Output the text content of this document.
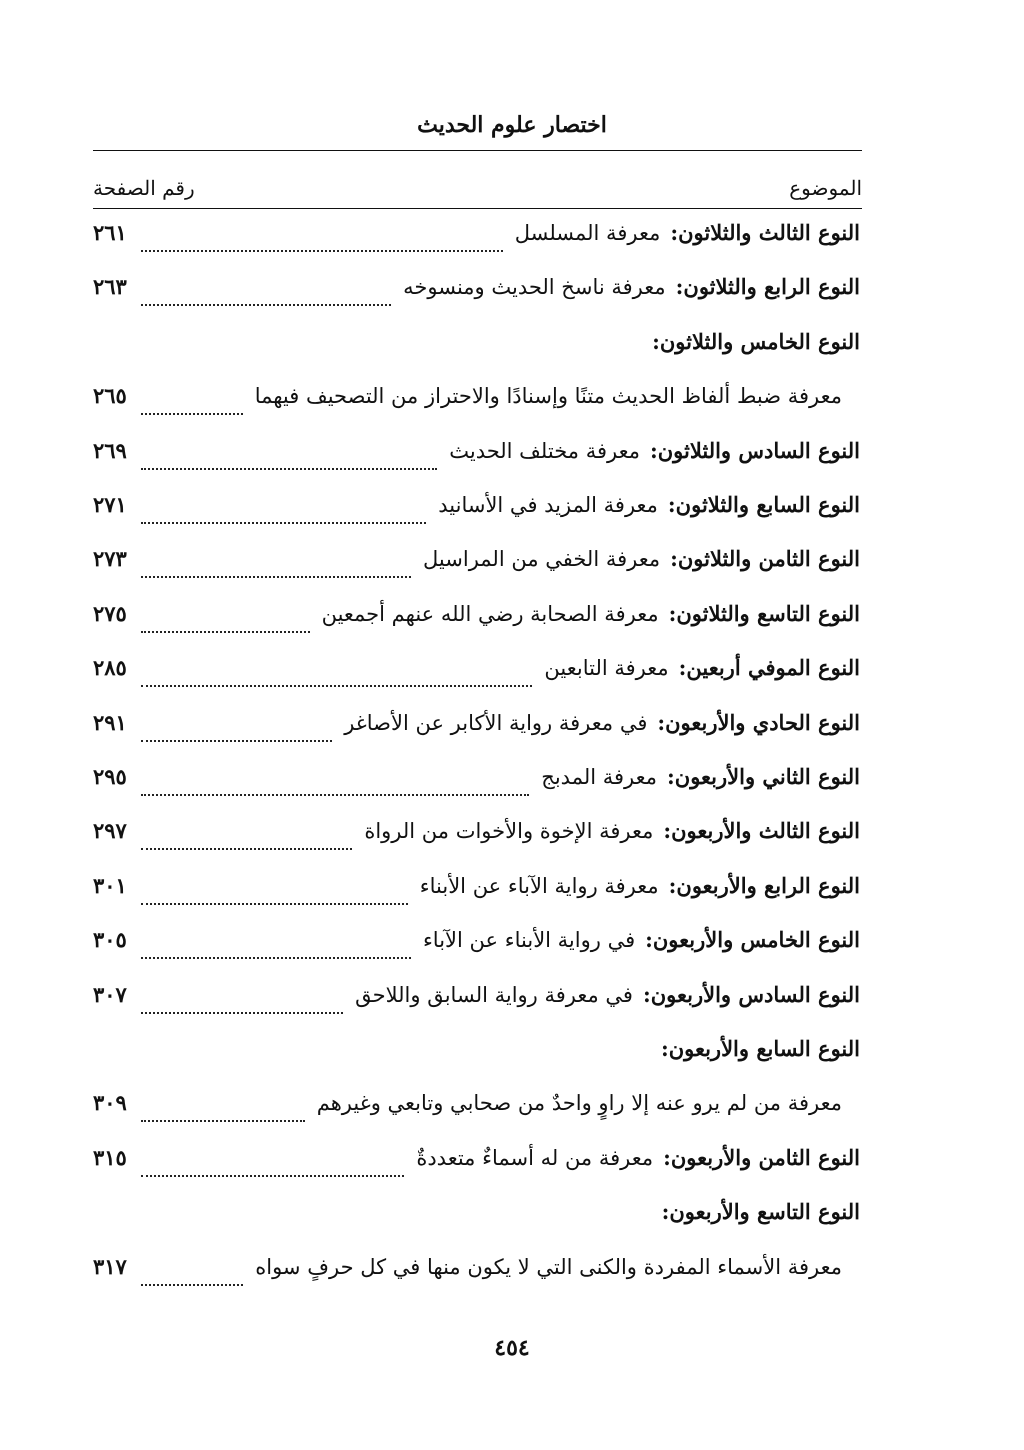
اختصار علوم الحديث
الموضوع
رقم الصفحة
النوع الثالث والثلاثون:
معرفة المسلسل
٢٦١
النوع الرابع والثلاثون:
معرفة ناسخ الحديث ومنسوخه
٢٦٣
النوع الخامس والثلاثون:
معرفة ضبط ألفاظ الحديث متنًا وإسنادًا والاحتراز من التصحيف فيهما
٢٦٥
النوع السادس والثلاثون:
معرفة مختلف الحديث
٢٦٩
النوع السابع والثلاثون:
معرفة المزيد في الأسانيد
٢٧١
النوع الثامن والثلاثون:
معرفة الخفي من المراسيل
٢٧٣
النوع التاسع والثلاثون:
معرفة الصحابة رضي الله عنهم أجمعين
٢٧٥
النوع الموفي أربعين:
معرفة التابعين
٢٨٥
النوع الحادي والأربعون:
في معرفة رواية الأكابر عن الأصاغر
٢٩١
النوع الثاني والأربعون:
معرفة المدبج
٢٩٥
النوع الثالث والأربعون:
معرفة الإخوة والأخوات من الرواة
٢٩٧
النوع الرابع والأربعون:
معرفة رواية الآباء عن الأبناء
٣٠١
النوع الخامس والأربعون:
في رواية الأبناء عن الآباء
٣٠٥
النوع السادس والأربعون:
في معرفة رواية السابق واللاحق
٣٠٧
النوع السابع والأربعون:
معرفة من لم يرو عنه إلا راوٍ واحدٌ من صحابي وتابعي وغيرهم
٣٠٩
النوع الثامن والأربعون:
معرفة من له أسماءٌ متعددةٌ
٣١٥
النوع التاسع والأربعون:
معرفة الأسماء المفردة والكنى التي لا يكون منها في كل حرفٍ سواه
٣١٧
٤٥٤
